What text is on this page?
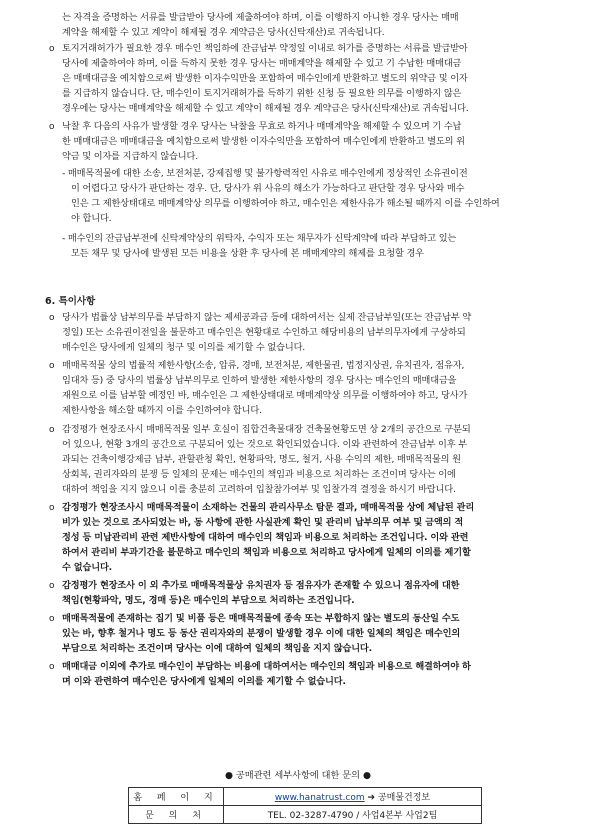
는 자격을 증명하는 서류를 발급받아 당사에 제출하여야 하며, 이를 이행하지 아니한 경우 당사는 매매
계약을 해제할 수 있고 계약이 해제될 경우 계약금은 당사(신탁재산)로 귀속됩니다.
o 토지거래허가가 필요한 경우 매수인 책임하에 잔금납부 약정일 이내로 허가를 증명하는 서류를 발급받아
당사에 제출하여야 하며, 이를 득하지 못한 경우 당사는 매매계약을 해제할 수 있고 기 수납한 매매대금
은 매매대금을 예치함으로써 발생한 이자수익만을 포함하여 매수인에게 반환하고 별도의 위약금 및 이자
를 지급하지 않습니다. 단, 매수인이 토지거래허가를 득하기 위한 신청 등 필요한 의무를 이행하지 않은
경우에는 당사는 매매계약을 해제할 수 있고 계약이 해제될 경우 계약금은 당사(신탁재산)로 귀속됩니다.
o 낙찰 후 다음의 사유가 발생할 경우 당사는 낙찰을 무효로 하거나 매매계약을 해제할 수 있으며 기 수납
한 매매대금은 매매대금을 예치함으로써 발생한 이자수익만을 포함하여 매수인에게 반환하고 별도의 위
약금 및 이자를 지급하지 않습니다.
- 매매목적물에 대한 소송, 보전처분, 강제집행 및 불가항력적인 사유로 매수인에게 정상적인 소유권이전
이 어렵다고 당사가 판단하는 경우. 단, 당사가 위 사유의 해소가 가능하다고 판단할 경우 당사와 매수
인은 그 제한상태대로 매매계약상 의무를 이행하여야 하고, 매수인은 제한사유가 해소될 때까지 이를 수인하여
야 합니다.
- 매수인의 잔금납부전에 신탁계약상의 위탁자, 수익자 또는 채무자가 신탁계약에 따라 부담하고 있는
모든 채무 및 당사에 발생된 모든 비용을 상환 후 당사에 본 매매계약의 해제를 요청할 경우
6. 특이사항
o 당사가 법률상 납부의무를 부담하지 않는 제세공과금 등에 대하여서는 실제 잔금납부일(또는 잔금납부 약
정일) 또는 소유권이전일을 불문하고 매수인은 현황대로 수인하고 해당비용의 납부의무자에게 구상하되
매수인은 당사에게 일체의 청구 및 이의를 제기할 수 없습니다.
o 매매목적물 상의 법률적 제한사항(소송, 압류, 경매, 보전처분, 제한물권, 법정지상권, 유치권자, 점유자,
임대차 등) 중 당사의 법률상 납부의무로 인하여 발생한 제한사항의 경우 당사는 매수인의 매매대금을
재원으로 이를 납부할 예정인 바, 매수인은 그 제한상태대로 매매계약상 의무를 이행하여야 하고, 당사가
제한사항을 해소할 때까지 이를 수인하여야 합니다.
o 감정평가 현장조사시 매매목적물 일부 호실이 집합건축물대장 건축물현황도면 상 2개의 공간으로 구분되
어 있으나, 현황 3개의 공간으로 구분되어 있는 것으로 확인되었습니다. 이와 관련하여 잔금납부 이후 부
과되는 건축이행강제금 납부, 관할관청 확인, 현황파악, 명도, 철거, 사용 수익의 제한, 매매목적물의 원
상회복, 권리자와의 분쟁 등 일체의 문제는 매수인의 책임과 비용으로 처리하는 조건이며 당사는 이에
대하여 책임을 지지 않으니 이를 충분히 고려하여 입찰참가여부 및 입찰가격 결정을 하시기 바랍니다.
o 감정평가 현장조사시 매매목적물이 소재하는 건물의 관리사무소 탐문 결과, 매매목적물 상에 체납된 관리
비가 있는 것으로 조사되었는 바, 동 사항에 관한 사실관계 확인 및 관리비 납부의무 여부 및 금액의 적
정성 등 미납관리비 관련 제반사항에 대하여 매수인의 책임과 비용으로 처리하는 조건입니다. 이와 관련
하여서 관리비 부과기간을 불문하고 매수인의 책임과 비용으로 처리하고 당사에게 일체의 이의를 제기할
수 없습니다.
o 감정평가 현장조사 이 외 추가로 매매목적물상 유치권자 등 점유자가 존재할 수 있으니 점유자에 대한
책임(현황파악, 명도, 경매 등)은 매수인의 부담으로 처리하는 조건입니다.
o 매매목적물에 존재하는 집기 및 비품 등은 매매목적물에 종속 또는 부합하지 않는 별도의 동산일 수도
있는 바, 향후 철거나 명도 등 동산 권리자와의 분쟁이 발생할 경우 이에 대한 일체의 책임은 매수인의
부담으로 처리하는 조건이며 당사는 이에 대하여 일체의 책임을 지지 않습니다.
o 매매대금 이외에 추가로 매수인이 부담하는 비용에 대하여서는 매수인의 책임과 비용으로 해결하여야 하
며 이와 관련하여 매수인은 당사에게 일체의 이의를 제기할 수 없습니다.
● 공매관련 세부사항에 대한 문의 ●
홈 페 이 지	www.hanatrust.com ➔ 공매물건정보
문 의 처	TEL. 02-3287-4790 / 사업4본부 사업2팀
